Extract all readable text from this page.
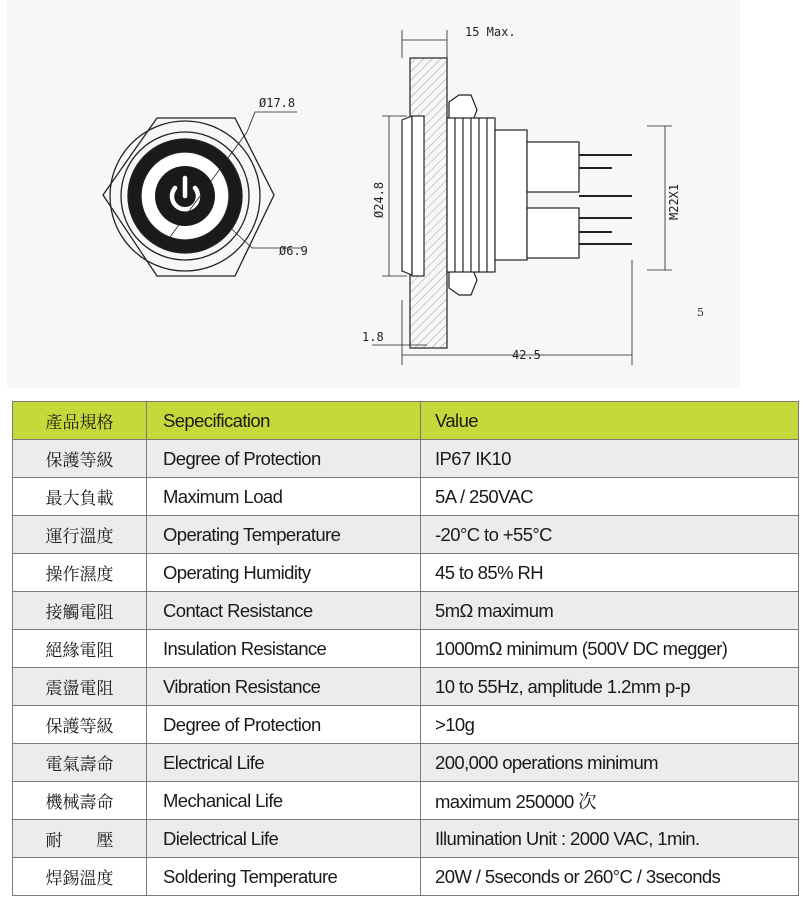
Ø17.8
Ø6.9
15 Max.
Ø24.8	M22X1
1.8
42.5
5
產品規格	Sepecification	Value
保護等級	Degree of Protection	IP67 IK10
最大負載	Maximum Load	5A / 250VAC
運行溫度	Operating Temperature	-20°C to +55°C
操作濕度	Operating Humidity	45 to 85% RH
接觸電阻	Contact Resistance	5mΩ maximum
絕緣電阻	Insulation Resistance	1000mΩ minimum (500V DC megger)
震盪電阻	Vibration Resistance	10 to 55Hz, amplitude 1.2mm p-p
保護等級	Degree of Protection	>10g
電氣壽命	Electrical Life	200,000 operations minimum
機械壽命	Mechanical Life	maximum 250000 次
耐　　壓	Dielectrical Life	Illumination Unit : 2000 VAC, 1min.
焊錫溫度	Soldering Temperature	20W / 5seconds or 260°C / 3seconds
